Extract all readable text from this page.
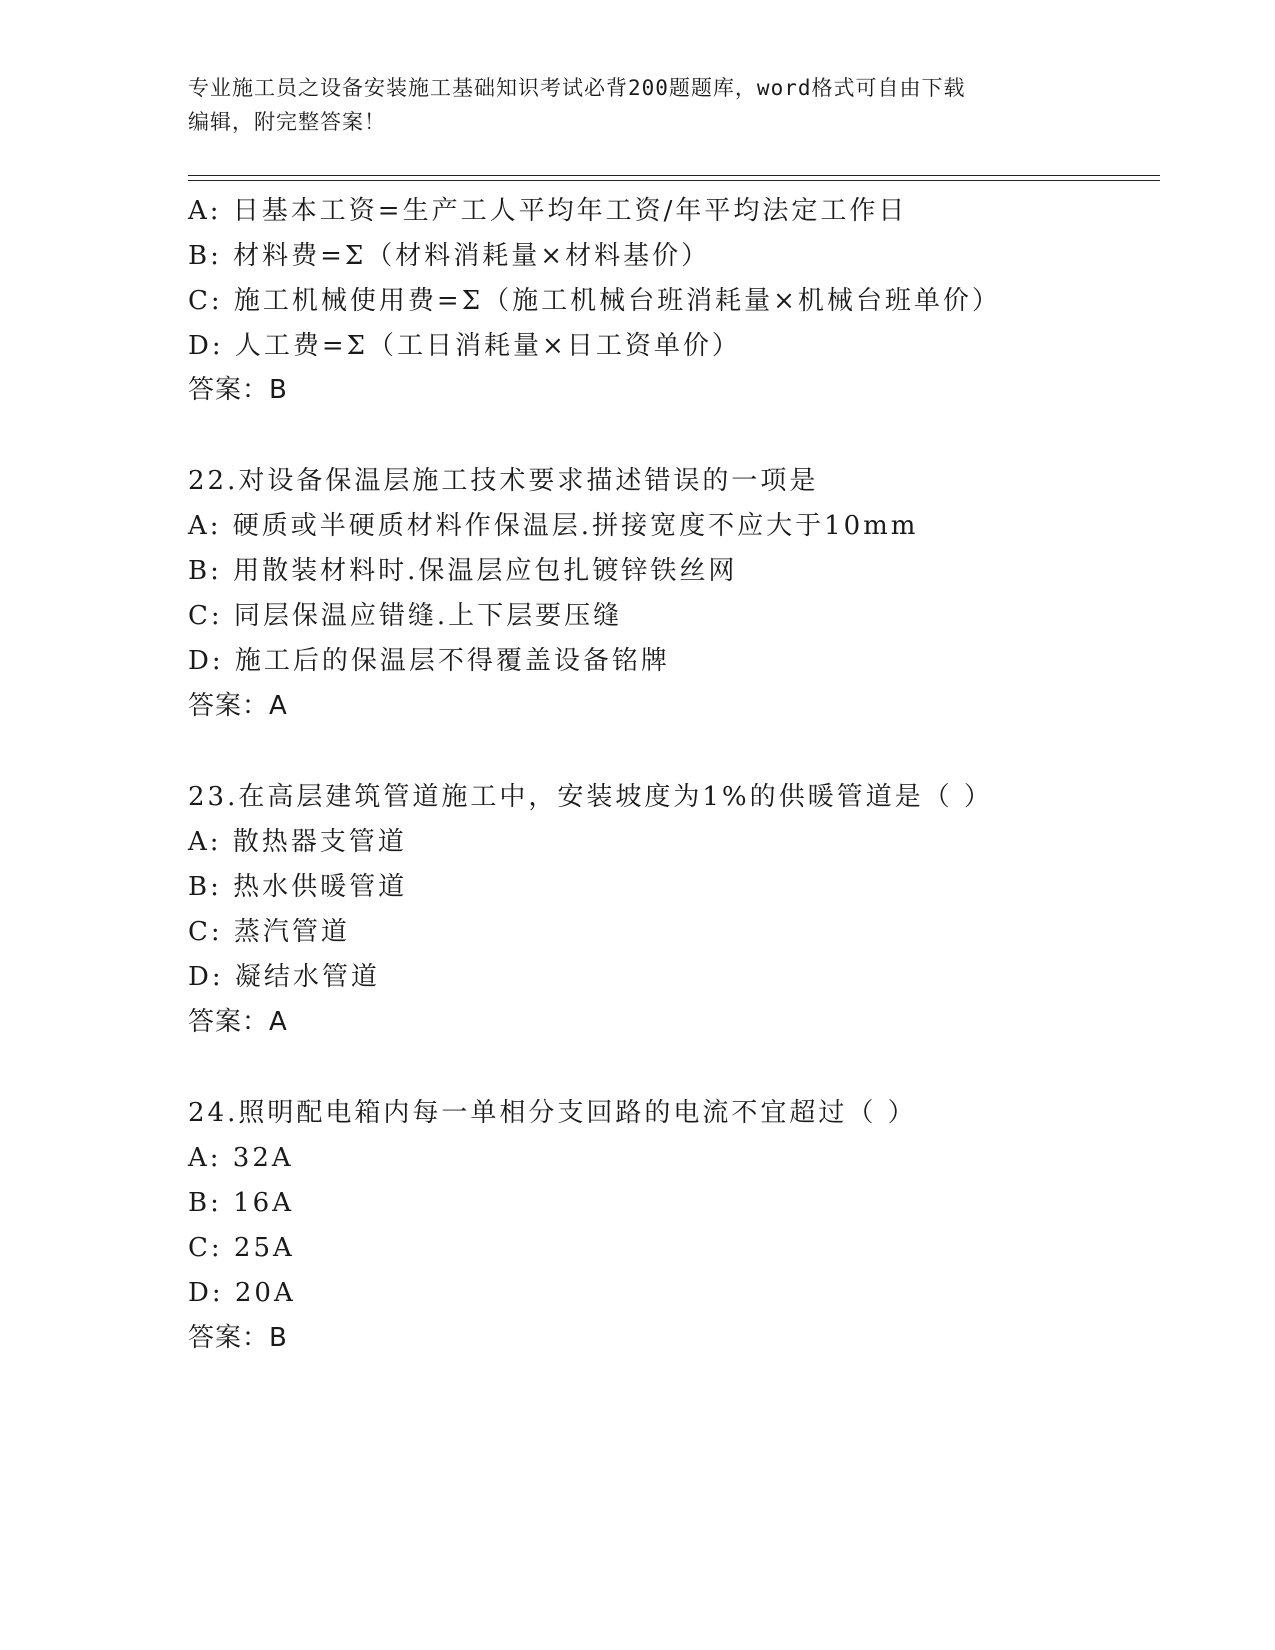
专业施工员之设备安装施工基础知识考试必背200题题库，word格式可自由下载
编辑，附完整答案！
A: 日基本工资=生产工人平均年工资/年平均法定工作日
B: 材料费=Σ（材料消耗量×材料基价）
C: 施工机械使用费=Σ（施工机械台班消耗量×机械台班单价）
D: 人工费=Σ（工日消耗量×日工资单价）
答案：B
22.对设备保温层施工技术要求描述错误的一项是
A: 硬质或半硬质材料作保温层.拼接宽度不应大于10mm
B: 用散装材料时.保温层应包扎镀锌铁丝网
C: 同层保温应错缝.上下层要压缝
D: 施工后的保温层不得覆盖设备铭牌
答案：A
23.在高层建筑管道施工中，安装坡度为1%的供暖管道是（ ）
A: 散热器支管道
B: 热水供暖管道
C: 蒸汽管道
D: 凝结水管道
答案：A
24.照明配电箱内每一单相分支回路的电流不宜超过（ ）
A: 32A
B: 16A
C: 25A
D: 20A
答案：B
